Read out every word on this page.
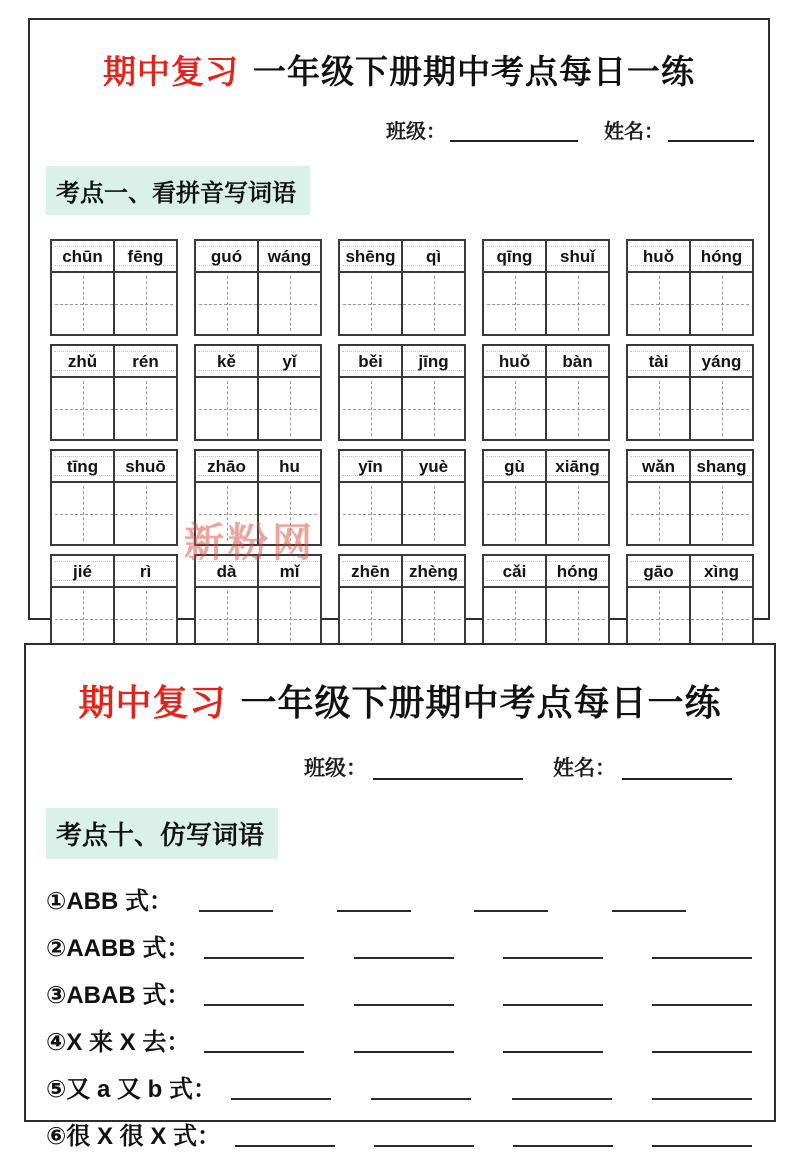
期中复习 一年级下册期中考点每日一练
班级：	姓名：
考点一、看拼音写词语
新粉网
chūn	fēng	guó	wáng	shēng	qì	qīng	shuǐ	huǒ	hóng
zhǔ	rén	kě	yǐ	běi	jīng	huǒ	bàn	tài	yáng
tīng	shuō	zhāo	hu	yīn	yuè	gù	xiāng	wǎn	shang
jié	rì	dà	mǐ	zhēn	zhèng	cǎi	hóng	gāo	xìng
期中复习 一年级下册期中考点每日一练
班级：	姓名：
考点十、仿写词语
①ABB 式：
②AABB 式：
③ABAB 式：
④X 来 X 去：
⑤又 a 又 b 式：
⑥很 X 很 X 式：
